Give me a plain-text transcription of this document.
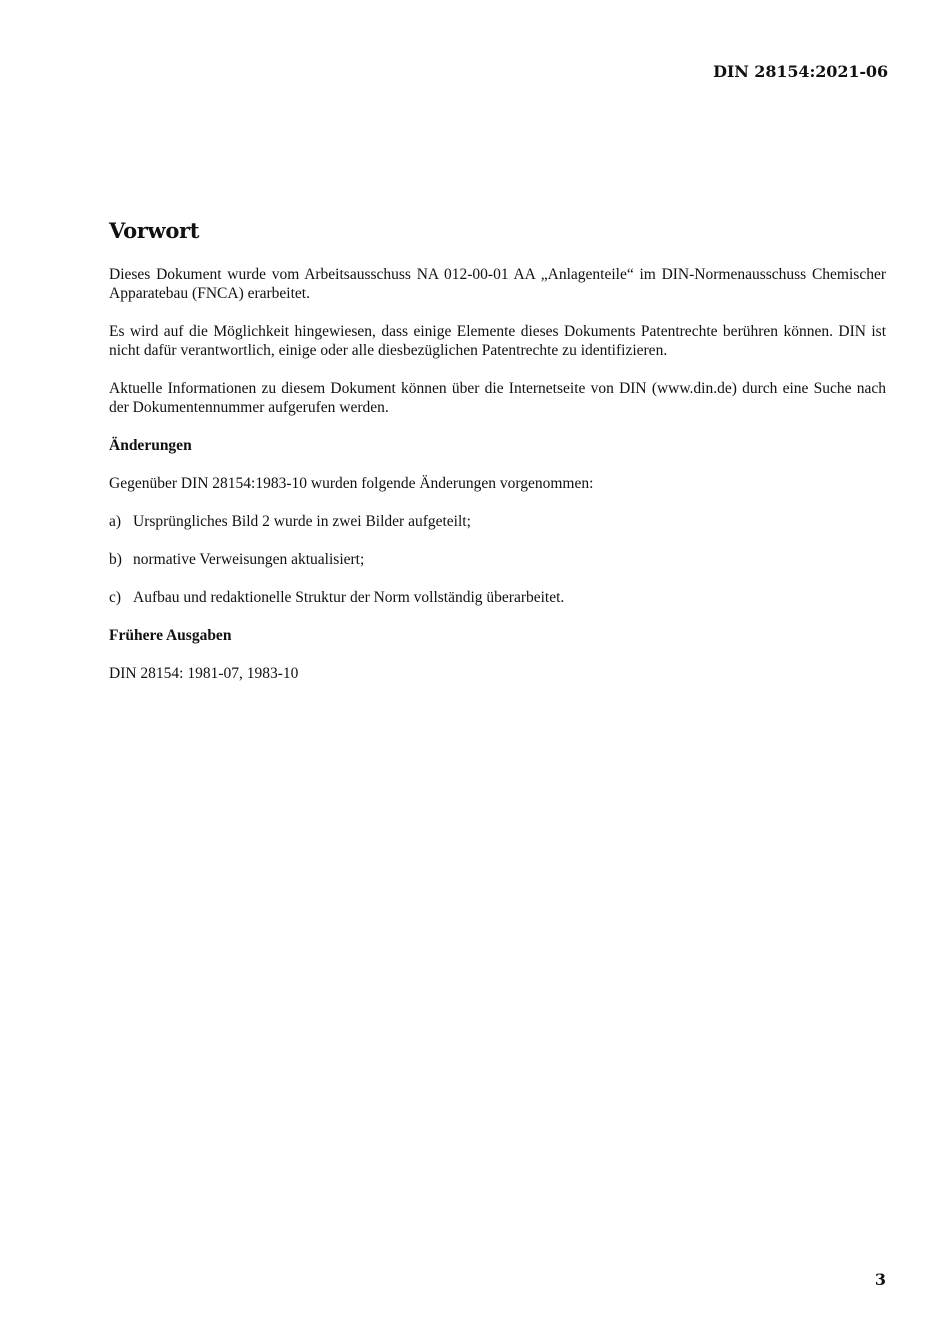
DIN 28154:2021-06
Vorwort

Dieses Dokument wurde vom Arbeitsausschuss NA 012-00-01 AA „Anlagenteile“ im DIN-Normenausschuss Chemischer Apparatebau (FNCA) erarbeitet.

Es wird auf die Möglichkeit hingewiesen, dass einige Elemente dieses Dokuments Patentrechte berühren können. DIN ist nicht dafür verantwortlich, einige oder alle diesbezüglichen Patentrechte zu identifizieren.

Aktuelle Informationen zu diesem Dokument können über die Internetseite von DIN (www.din.de) durch eine Suche nach der Dokumentennummer aufgerufen werden.

Änderungen

Gegenüber DIN 28154:1983-10 wurden folgende Änderungen vorgenommen:

a) Ursprüngliches Bild 2 wurde in zwei Bilder aufgeteilt;
b) normative Verweisungen aktualisiert;
c) Aufbau und redaktionelle Struktur der Norm vollständig überarbeitet.
Frühere Ausgaben

DIN 28154: 1981-07, 1983-10

3
